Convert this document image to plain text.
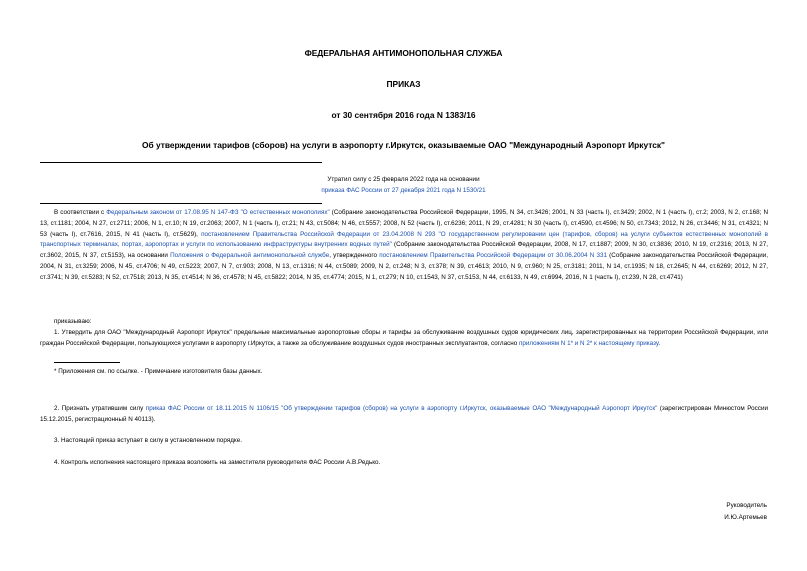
ФЕДЕРАЛЬНАЯ АНТИМОНОПОЛЬНАЯ СЛУЖБА
ПРИКАЗ
от 30 сентября 2016 года N 1383/16
Об утверждении тарифов (сборов) на услуги в аэропорту г.Иркутск, оказываемые ОАО "Международный Аэропорт Иркутск"
Утратил силу с 25 февраля 2022 года на основании
приказа ФАС России от 27 декабря 2021 года N 1530/21
В соответствии с Федеральным законом от 17.08.95 N 147-ФЗ "О естественных монополиях" (Собрание законодательства Российской Федерации, 1995, N 34, ст.3426; 2001, N 33 (часть I), ст.3429; 2002, N 1 (часть I), ст.2; 2003, N 2, ст.168; N 13, ст.1181; 2004, N 27, ст.2711; 2006, N 1, ст.10; N 19, ст.2063; 2007, N 1 (часть I), ст.21; N 43, ст.5084; N 46, ст.5557; 2008, N 52 (часть I), ст.6236; 2011, N 29, ст.4281; N 30 (часть I), ст.4590, ст.4596; N 50, ст.7343; 2012, N 26, ст.3446; N 31, ст.4321; N 53 (часть I), ст.7616, 2015, N 41 (часть I), ст.5629), постановлением Правительства Российской Федерации от 23.04.2008 N 293 "О государственном регулировании цен (тарифов, сборов) на услуги субъектов естественных монополий в транспортных терминалах, портах, аэропортах и услуги по использованию инфраструктуры внутренних водных путей" (Собрание законодательства Российской Федерации, 2008, N 17, ст.1887; 2009, N 30, ст.3836; 2010, N 19, ст.2316; 2013, N 27, ст.3602, 2015, N 37, ст.5153), на основании Положения о Федеральной антимонопольной службе, утвержденного постановлением Правительства Российской Федерации от 30.06.2004 N 331 (Собрание законодательства Российской Федерации, 2004, N 31, ст.3259; 2006, N 45, ст.4706; N 49, ст.5223; 2007, N 7, ст.903; 2008, N 13, ст.1316; N 44, ст.5089; 2009, N 2, ст.248; N 3, ст.378; N 39, ст.4613; 2010, N 9, ст.960; N 25, ст.3181; 2011, N 14, ст.1935; N 18, ст.2645; N 44, ст.6269; 2012, N 27, ст.3741; N 39, ст.5283; N 52, ст.7518; 2013, N 35, ст.4514; N 36, ст.4578; N 45, ст.5822; 2014, N 35, ст.4774; 2015, N 1, ст.279; N 10, ст.1543, N 37, ст.5153, N 44, ст.6133, N 49, ст.6994, 2016, N 1 (часть I), ст.239, N 28, ст.4741)
приказываю:
1. Утвердить для ОАО "Международный Аэропорт Иркутск" предельные максимальные аэропортовые сборы и тарифы за обслуживание воздушных судов юридических лиц, зарегистрированных на территории Российской Федерации, или граждан Российской Федерации, пользующихся услугами в аэропорту г.Иркутск, а также за обслуживание воздушных судов иностранных эксплуатантов, согласно приложениям N 1* и N 2* к настоящему приказу.
* Приложения см. по ссылке. - Примечание изготовителя базы данных.
2. Признать утратившим силу приказ ФАС России от 18.11.2015 N 1106/15 "Об утверждении тарифов (сборов) на услуги в аэропорту г.Иркутск, оказываемые ОАО "Международный Аэропорт Иркутск" (зарегистрирован Минюстом России 15.12.2015, регистрационный N 40113).
3. Настоящий приказ вступает в силу в установленном порядке.
4. Контроль исполнения настоящего приказа возложить на заместителя руководителя ФАС России А.В.Редько.
Руководитель
И.Ю.Артемьев
